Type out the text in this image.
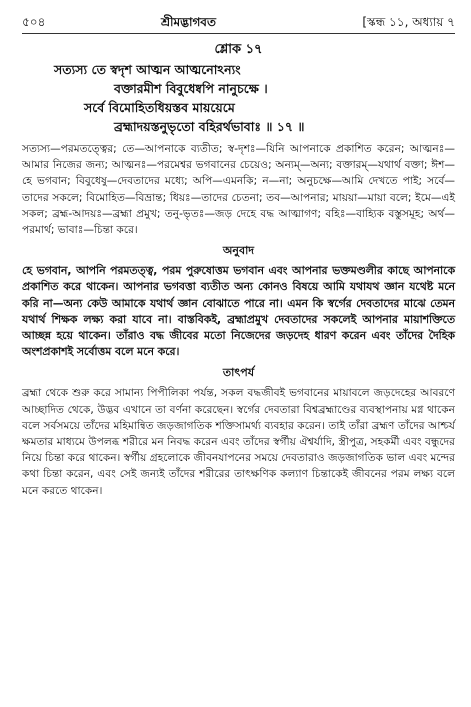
৫০৪	শ্রীমদ্ভাগবত	[স্কন্ধ ১১, অধ্যায় ৭
শ্লোক ১৭
সত্যস্য তে স্বদৃশ আত্মন আত্মনোঽন্যং
বক্তারমীশ বিবুধেষ্বপি নানুচক্ষে ।
সর্বে বিমোহিতধিয়স্তব মায়য়েমে
ব্রহ্মাদয়স্তনুভৃতো বহিরর্থভাবাঃ ॥ ১৭ ॥
সত্যস্য—পরমতত্ত্বের; তে—আপনাকে ব্যতীত; স্ব-দৃশঃ—যিনি আপনাকে প্রকাশিত করেন; আত্মনঃ—আমার নিজের জন্য; আত্মনঃ—পরমেশ্বর ভগবানের চেয়েও; অন্যম্—অন্য; বক্তারম্—যথার্থ বক্তা; ঈশ—হে ভগবান; বিবুধেষু—দেবতাদের মধ্যে; অপি—এমনকি; ন—না; অনুচক্ষে—আমি দেখতে পাই; সর্বে—তাদের সকলে; বিমোহিত—বিভ্রান্ত; ধিয়ঃ—তাদের চেতনা; তব—আপনার; মায়য়া—মায়া বলে; ইমে—এই সকল; ব্রহ্ম-আদয়ঃ—ব্রহ্মা প্রমুখ; তনু-ভৃতঃ—জড় দেহে বদ্ধ আত্মাগণ; বহিঃ—বাহ্যিক বস্তুসমূহ; অর্থ—পরমার্থ; ভাবাঃ—চিন্তা করে।
অনুবাদ
হে ভগবান, আপনি পরমতত্ত্ব, পরম পুরুষোত্তম ভগবান এবং আপনার ভক্তমণ্ডলীর কাছে আপনাকে প্রকাশিত করে থাকেন। আপনার ভগবত্তা ব্যতীত অন্য কোনও বিষয়ে আমি যথাযথ জ্ঞান যথেষ্ট মনে করি না—অন্য কেউ আমাকে যথার্থ জ্ঞান বোঝাতে পারে না। এমন কি স্বর্গের দেবতাদের মাঝে তেমন যথার্থ শিক্ষক লক্ষ্য করা যাবে না। বাস্তবিকই, ব্রহ্মাপ্রমুখ দেবতাদের সকলেই আপনার মায়াশক্তিতে আচ্ছন্ন হয়ে থাকেন। তাঁরাও বদ্ধ জীবের মতো নিজেদের জড়দেহ ধারণ করেন এবং তাঁদের দৈহিক অংশপ্রকাশই সর্বোত্তম বলে মনে করে।
তাৎপর্য
ব্রহ্মা থেকে শুরু করে সামান্য পিপীলিকা পর্যন্ত, সকল বদ্ধজীবই ভগবানের মায়াবলে জড়দেহের আবরণে আচ্ছাদিত থেকে, উদ্ভব এখানে তা বর্ণনা করেছেন। স্বর্গের দেবতারা বিশ্বব্রহ্মাণ্ডের ব্যবস্থাপনায় মগ্ন থাকেন বলে সর্বসময়ে তাঁদের মহিমান্বিত জড়জাগতিক শক্তিসামর্থ্য ব্যবহার করেন। তাই তাঁরা ব্রহ্মণ তাঁদের আশ্চর্য ক্ষমতার মাধ্যমে উপলব্ধ শরীরে মন নিবদ্ধ করেন এবং তাঁদের স্বর্গীয় ঐশ্বর্যাদি, স্ত্রীপুত্র, সহকর্মী এবং বন্ধুদের নিয়ে চিন্তা করে থাকেন। স্বর্গীয় গ্রহলোকে জীবনযাপনের সময়ে দেবতারাও জড়জাগতিক ভাল এবং মন্দের কথা চিন্তা করেন, এবং সেই জন্যই তাঁদের শরীরের তাৎক্ষণিক কল্যাণ চিন্তাকেই জীবনের পরম লক্ষ্য বলে মনে করতে থাকেন।
